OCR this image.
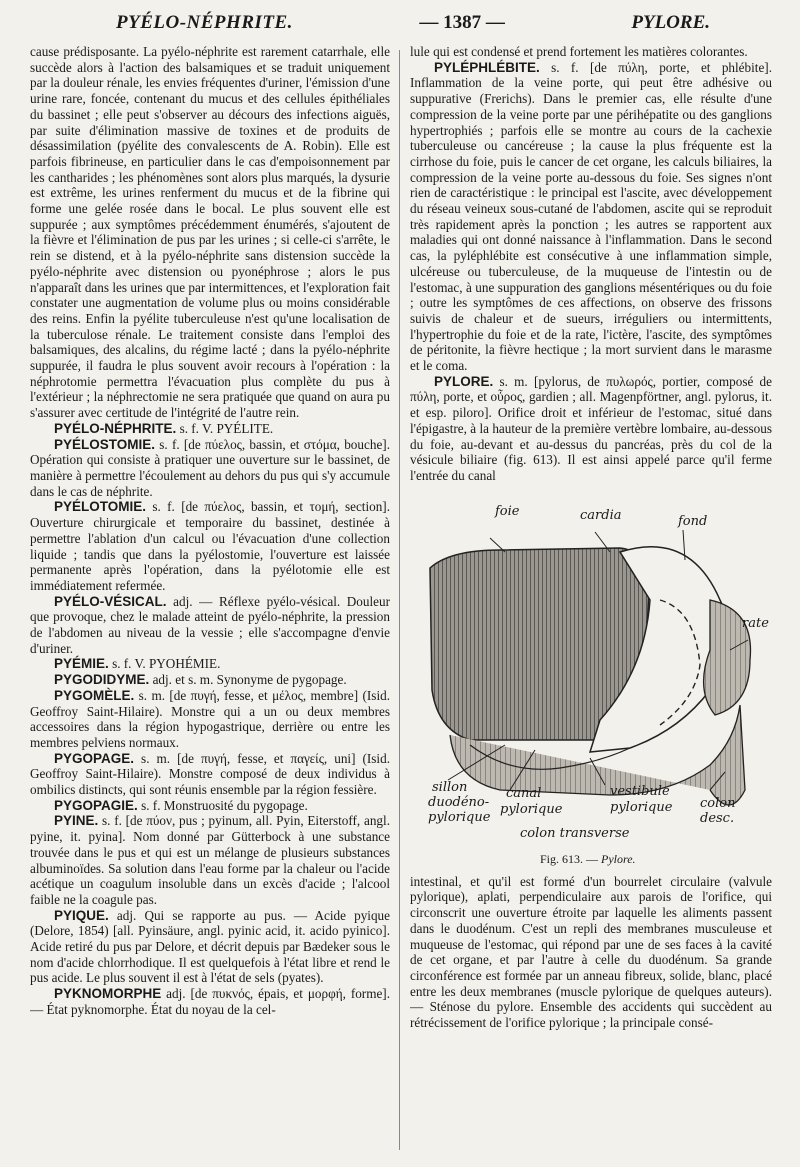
PYÉLO-NÉPHRITE.	— 1387 —	PYLORE.

cause prédisposante. La pyélo-néphrite est rarement catarrhale, elle succède alors à l'action des balsamiques et se traduit uniquement par la douleur rénale, les envies fréquentes d'uriner, l'émission d'une urine rare, foncée, contenant du mucus et des cellules épithéliales du bassinet ; elle peut s'observer au décours des infections aiguës, par suite d'élimination massive de toxines et de produits de désassimilation (pyélite des convalescents de A. Robin). Elle est parfois fibrineuse, en particulier dans le cas d'empoisonnement par les cantharides ; les phénomènes sont alors plus marqués, la dysurie est extrême, les urines renferment du mucus et de la fibrine qui forme une gelée rosée dans le bocal. Le plus souvent elle est suppurée ; aux symptômes précédemment énumérés, s'ajoutent de la fièvre et l'élimination de pus par les urines ; si celle-ci s'arrête, le rein se distend, et à la pyélo-néphrite sans distension succède la pyélo-néphrite avec distension ou pyonéphrose ; alors le pus n'apparaît dans les urines que par intermittences, et l'exploration fait constater une augmentation de volume plus ou moins considérable des reins. Enfin la pyélite tuberculeuse n'est qu'une localisation de la tuberculose rénale. Le traitement consiste dans l'emploi des balsamiques, des alcalins, du régime lacté ; dans la pyélo-néphrite suppurée, il faudra le plus souvent avoir recours à l'opération : la néphrotomie permettra l'évacuation plus complète du pus à l'extérieur ; la néphrectomie ne sera pratiquée que quand on aura pu s'assurer avec certitude de l'intégrité de l'autre rein.

PYÉLO-NÉPHRITE. s. f. V. PYÉLITE.

PYÉLOSTOMIE. s. f. [de πύελος, bassin, et στόμα, bouche]. Opération qui consiste à pratiquer une ouverture sur le bassinet, de manière à permettre l'écoulement au dehors du pus qui s'y accumule dans le cas de néphrite.

PYÉLOTOMIE. s. f. [de πύελος, bassin, et τομή, section]. Ouverture chirurgicale et temporaire du bassinet, destinée à permettre l'ablation d'un calcul ou l'évacuation d'une collection liquide ; tandis que dans la pyélostomie, l'ouverture est laissée permanente après l'opération, dans la pyélotomie elle est immédiatement refermée.

PYÉLO-VÉSICAL. adj. — Réflexe pyélo-vésical. Douleur que provoque, chez le malade atteint de pyélo-néphrite, la pression de l'abdomen au niveau de la vessie ; elle s'accompagne d'envie d'uriner.

PYÉMIE. s. f. V. PYOHÉMIE.

PYGODIDYME. adj. et s. m. Synonyme de pygopage.

PYGOMÈLE. s. m. [de πυγή, fesse, et μέλος, membre] (Isid. Geoffroy Saint-Hilaire). Monstre qui a un ou deux membres accessoires dans la région hypogastrique, derrière ou entre les membres pelviens normaux.

PYGOPAGE. s. m. [de πυγή, fesse, et παγείς, uni] (Isid. Geoffroy Saint-Hilaire). Monstre composé de deux individus à ombilics distincts, qui sont réunis ensemble par la région fessière.

PYGOPAGIE. s. f. Monstruosité du pygopage.

PYINE. s. f. [de πύον, pus ; pyinum, all. Pyin, Eiterstoff, angl. pyine, it. pyina]. Nom donné par Gütterbock à une substance trouvée dans le pus et qui est un mélange de plusieurs substances albuminoïdes. Sa solution dans l'eau forme par la chaleur ou l'acide acétique un coagulum insoluble dans un excès d'acide ; l'alcool faible ne la coagule pas.

PYIQUE. adj. Qui se rapporte au pus. — Acide pyique (Delore, 1854) [all. Pyinsäure, angl. pyinic acid, it. acido pyinico]. Acide retiré du pus par Delore, et décrit depuis par Bædeker sous le nom d'acide chlorrhodique. Il est quelquefois à l'état libre et rend le pus acide. Le plus souvent il est à l'état de sels (pyates).

PYKNOMORPHE adj. [de πυκνός, épais, et μορφή, forme]. — État pyknomorphe. État du noyau de la cel-

lule qui est condensé et prend fortement les matières colorantes.

PYLÉPHLÉBITE. s. f. [de πύλη, porte, et phlébite]. Inflammation de la veine porte, qui peut être adhésive ou suppurative (Frerichs). Dans le premier cas, elle résulte d'une compression de la veine porte par une périhépatite ou des ganglions hypertrophiés ; parfois elle se montre au cours de la cachexie tuberculeuse ou cancéreuse ; la cause la plus fréquente est la cirrhose du foie, puis le cancer de cet organe, les calculs biliaires, la compression de la veine porte au-dessous du foie. Ses signes n'ont rien de caractéristique : le principal est l'ascite, avec développement du réseau veineux sous-cutané de l'abdomen, ascite qui se reproduit très rapidement après la ponction ; les autres se rapportent aux maladies qui ont donné naissance à l'inflammation. Dans le second cas, la pyléphlébite est consécutive à une inflammation simple, ulcéreuse ou tuberculeuse, de la muqueuse de l'intestin ou de l'estomac, à une suppuration des ganglions mésentériques ou du foie ; outre les symptômes de ces affections, on observe des frissons suivis de chaleur et de sueurs, irréguliers ou intermittents, l'hypertrophie du foie et de la rate, l'ictère, l'ascite, des symptômes de péritonite, la fièvre hectique ; la mort survient dans le marasme et le coma.

PYLORE. s. m. [pylorus, de πυλωρός, portier, composé de πύλη, porte, et οὖρος, gardien ; all. Magenpförtner, angl. pylorus, it. et esp. piloro]. Orifice droit et inférieur de l'estomac, situé dans l'épigastre, à la hauteur de la première vertèbre lombaire, au-dessous du foie, au-devant et au-dessus du pancréas, près du col de la vésicule biliaire (fig. 613). Il est ainsi appelé parce qu'il ferme l'entrée du canal

foie	cardia	fond
rate
sillon
duodéno-
pylorique
canal
pylorique
vestibule
pylorique colon desc.
colon transverse
Fig. 613. — Pylore.

intestinal, et qu'il est formé d'un bourrelet circulaire (valvule pylorique), aplati, perpendiculaire aux parois de l'orifice, qui circonscrit une ouverture étroite par laquelle les aliments passent dans le duodénum. C'est un repli des membranes musculeuse et muqueuse de l'estomac, qui répond par une de ses faces à la cavité de cet organe, et par l'autre à celle du duodénum. Sa grande circonférence est formée par un anneau fibreux, solide, blanc, placé entre les deux membranes (muscle pylorique de quelques auteurs). — Sténose du pylore. Ensemble des accidents qui succèdent au rétrécissement de l'orifice pylorique ; la principale consé-
